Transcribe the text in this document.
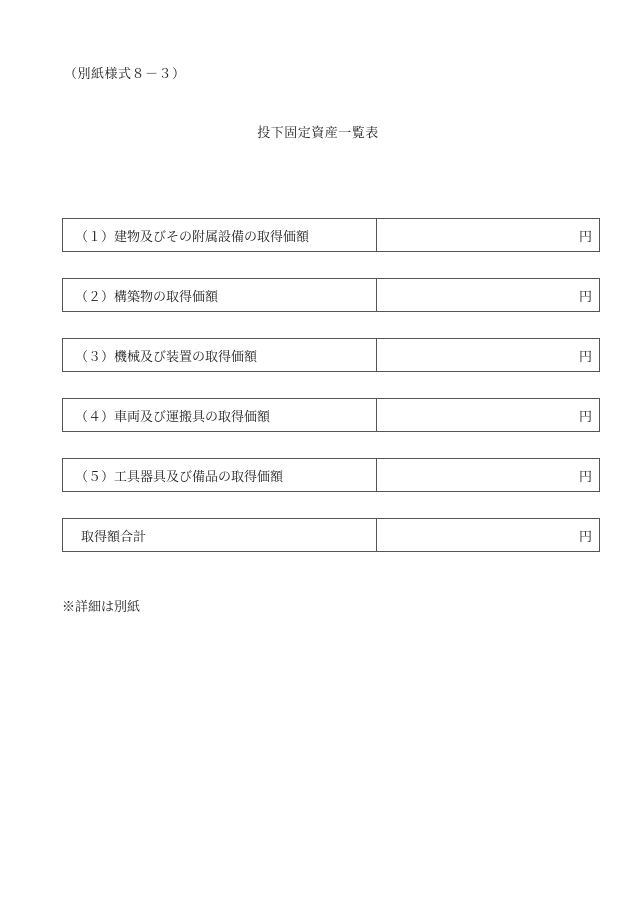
（別紙様式８－３）
投下固定資産一覧表
（１）建物及びその附属設備の取得価額	円
（２）構築物の取得価額	円
（３）機械及び装置の取得価額	円
（４）車両及び運搬具の取得価額	円
（５）工具器具及び備品の取得価額	円
取得額合計	円
※詳細は別紙
